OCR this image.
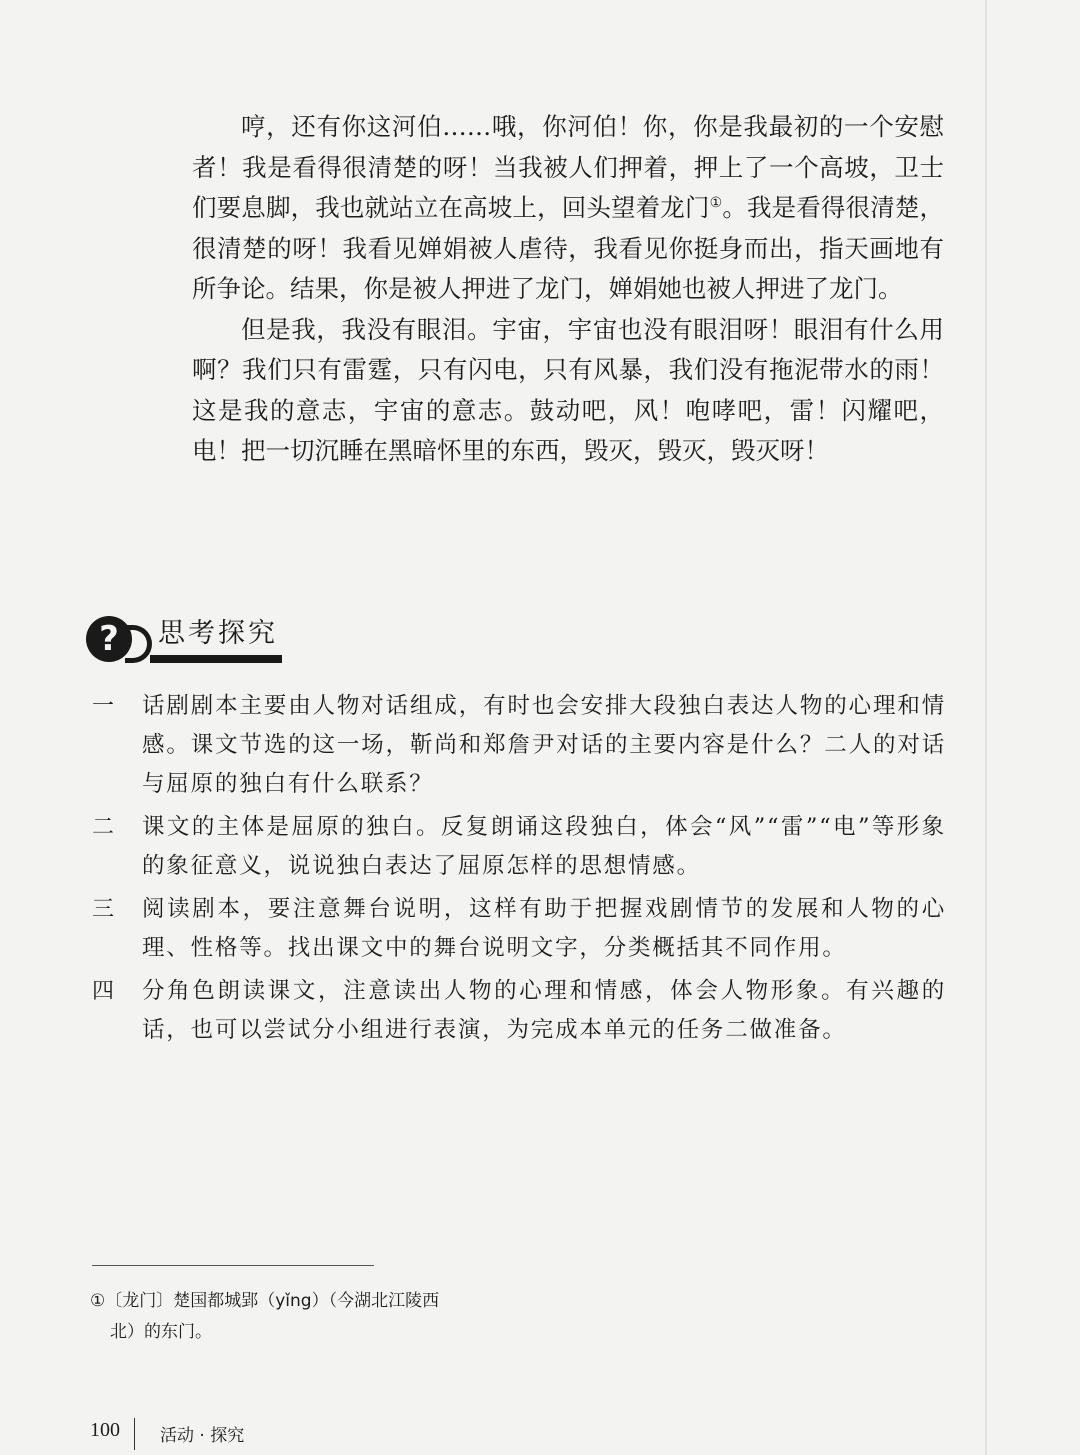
哼，还有你这河伯……哦，你河伯！你，你是我最初的一个安慰者！我是看得很清楚的呀！当我被人们押着，押上了一个高坡，卫士们要息脚，我也就站立在高坡上，回头望着龙门①。我是看得很清楚，很清楚的呀！我看见婵娟被人虐待，我看见你挺身而出，指天画地有所争论。结果，你是被人押进了龙门，婵娟她也被人押进了龙门。

但是我，我没有眼泪。宇宙，宇宙也没有眼泪呀！眼泪有什么用啊？我们只有雷霆，只有闪电，只有风暴，我们没有拖泥带水的雨！这是我的意志，宇宙的意志。鼓动吧，风！咆哮吧，雷！闪耀吧，电！把一切沉睡在黑暗怀里的东西，毁灭，毁灭，毁灭呀！

?	思考探究
一 话剧剧本主要由人物对话组成，有时也会安排大段独白表达人物的心理和情感。课文节选的这一场，靳尚和郑詹尹对话的主要内容是什么？二人的对话与屈原的独白有什么联系？
二 课文的主体是屈原的独白。反复朗诵这段独白，体会“风”“雷”“电”等形象的象征意义，说说独白表达了屈原怎样的思想情感。
三 阅读剧本，要注意舞台说明，这样有助于把握戏剧情节的发展和人物的心理、性格等。找出课文中的舞台说明文字，分类概括其不同作用。
四 分角色朗读课文，注意读出人物的心理和情感，体会人物形象。有兴趣的话，也可以尝试分小组进行表演，为完成本单元的任务二做准备。
①〔龙门〕楚国都城郢（yǐng）（今湖北江陵西
北）的东门。
100 活动 · 探究
